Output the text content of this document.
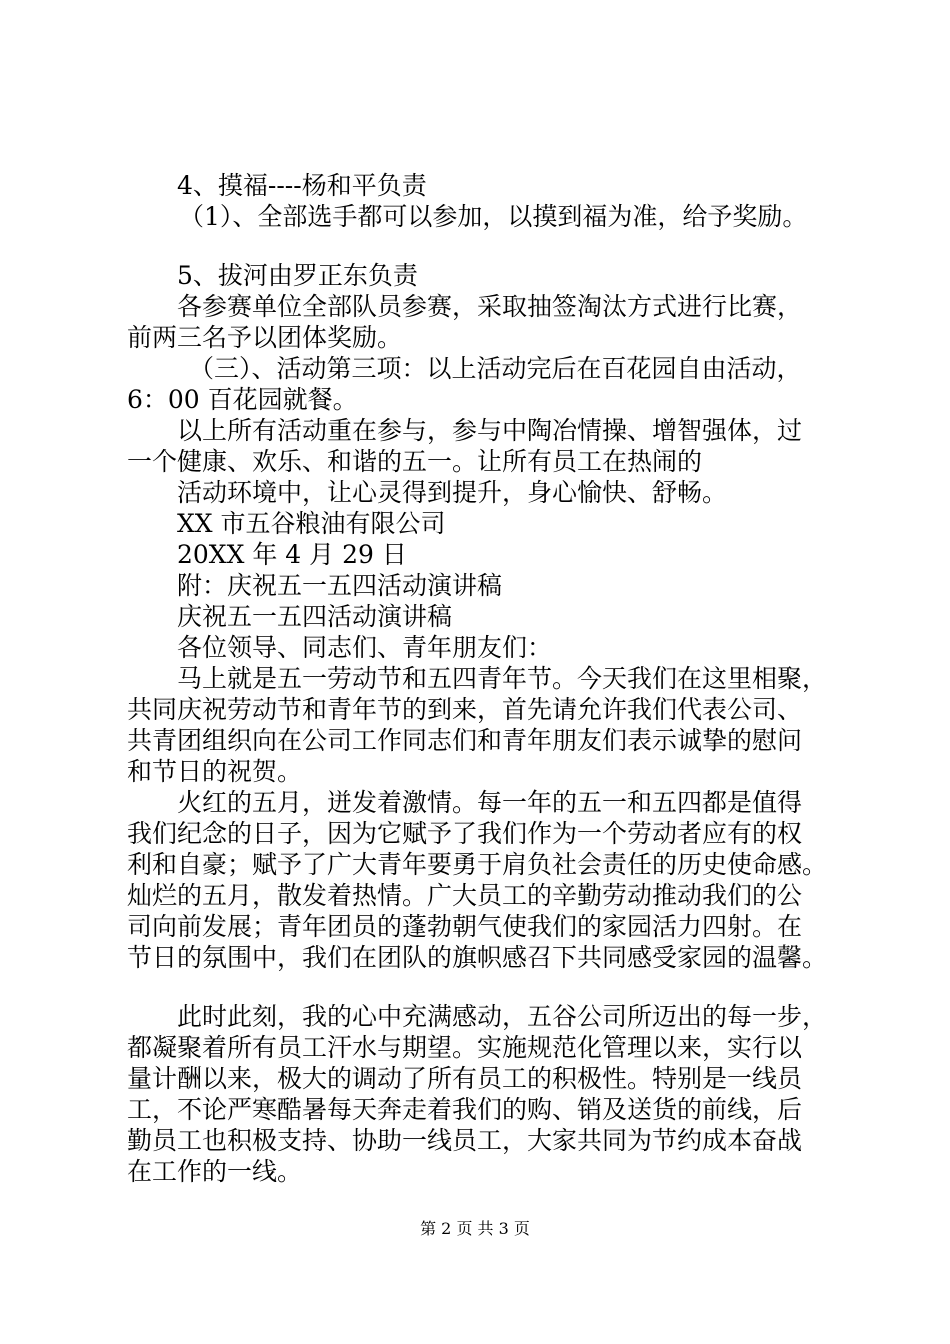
4、摸福----杨和平负责
（1）、全部选手都可以参加，以摸到福为准，给予奖励。
5、拔河由罗正东负责
各参赛单位全部队员参赛，采取抽签淘汰方式进行比赛，
前两三名予以团体奖励。
（三）、活动第三项：以上活动完后在百花园自由活动，
6：00 百花园就餐。
以上所有活动重在参与，参与中陶冶情操、增智强体，过
一个健康、欢乐、和谐的五一。让所有员工在热闹的
活动环境中，让心灵得到提升，身心愉快、舒畅。
XX 市五谷粮油有限公司
20XX 年 4 月 29 日
附：庆祝五一五四活动演讲稿
庆祝五一五四活动演讲稿
各位领导、同志们、青年朋友们：
马上就是五一劳动节和五四青年节。今天我们在这里相聚，
共同庆祝劳动节和青年节的到来，首先请允许我们代表公司、
共青团组织向在公司工作同志们和青年朋友们表示诚挚的慰问
和节日的祝贺。
火红的五月，迸发着激情。每一年的五一和五四都是值得
我们纪念的日子，因为它赋予了我们作为一个劳动者应有的权
利和自豪；赋予了广大青年要勇于肩负社会责任的历史使命感。
灿烂的五月，散发着热情。广大员工的辛勤劳动推动我们的公
司向前发展；青年团员的蓬勃朝气使我们的家园活力四射。在
节日的氛围中，我们在团队的旗帜感召下共同感受家园的温馨。
此时此刻，我的心中充满感动，五谷公司所迈出的每一步，
都凝聚着所有员工汗水与期望。实施规范化管理以来，实行以
量计酬以来，极大的调动了所有员工的积极性。特别是一线员
工，不论严寒酷暑每天奔走着我们的购、销及送货的前线，后
勤员工也积极支持、协助一线员工，大家共同为节约成本奋战
在工作的一线。
第 2 页 共 3 页
